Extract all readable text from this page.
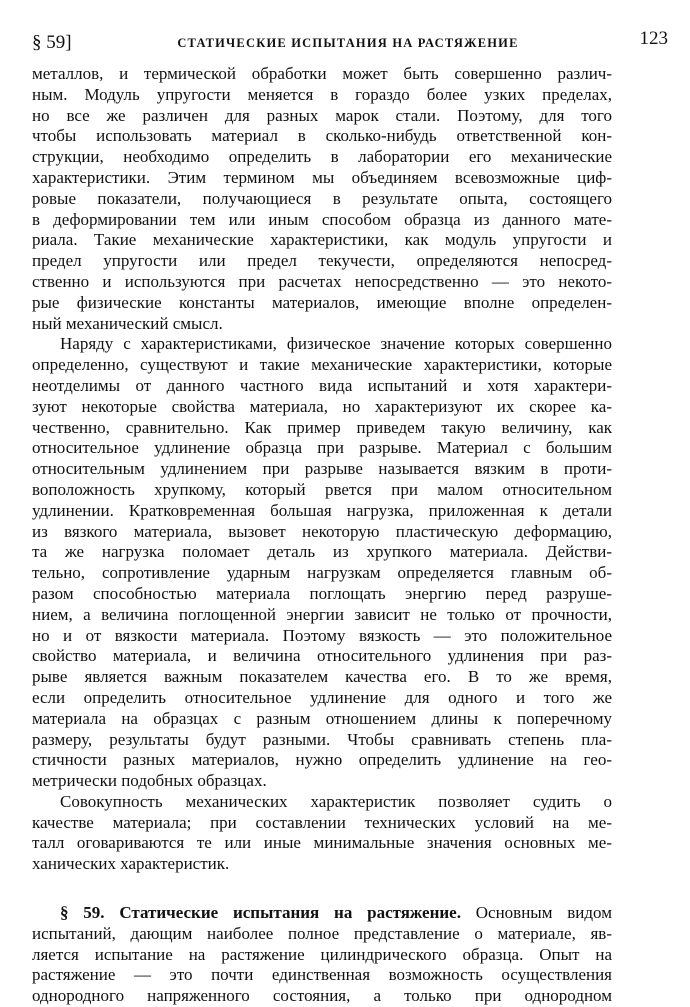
§ 59]	СТАТИЧЕСКИЕ ИСПЫТАНИЯ НА РАСТЯЖЕНИЕ	123
металлов, и термической обработки может быть совершенно различ-
ным. Модуль упругости меняется в гораздо более узких пределах,
но все же различен для разных марок стали. Поэтому, для того
чтобы использовать материал в сколько-нибудь ответственной кон-
струкции, необходимо определить в лаборатории его механические
характеристики. Этим термином мы объединяем всевозможные циф-
ровые показатели, получающиеся в результате опыта, состоящего
в деформировании тем или иным способом образца из данного мате-
риала. Такие механические характеристики, как модуль упругости и
предел упругости или предел текучести, определяются непосред-
ственно и используются при расчетах непосредственно — это некото-
рые физические константы материалов, имеющие вполне определен-
ный механический смысл.
Наряду с характеристиками, физическое значение которых совершенно
определенно, существуют и такие механические характеристики, которые
неотделимы от данного частного вида испытаний и хотя характери-
зуют некоторые свойства материала, но характеризуют их скорее ка-
чественно, сравнительно. Как пример приведем такую величину, как
относительное удлинение образца при разрыве. Материал с большим
относительным удлинением при разрыве называется вязким в проти-
воположность хрупкому, который рвется при малом относительном
удлинении. Кратковременная большая нагрузка, приложенная к детали
из вязкого материала, вызовет некоторую пластическую деформацию,
та же нагрузка поломает деталь из хрупкого материала. Действи-
тельно, сопротивление ударным нагрузкам определяется главным об-
разом способностью материала поглощать энергию перед разруше-
нием, а величина поглощенной энергии зависит не только от прочности,
но и от вязкости материала. Поэтому вязкость — это положительное
свойство материала, и величина относительного удлинения при раз-
рыве является важным показателем качества его. В то же время,
если определить относительное удлинение для одного и того же
материала на образцах с разным отношением длины к поперечному
размеру, результаты будут разными. Чтобы сравнивать степень пла-
стичности разных материалов, нужно определить удлинение на гео-
метрически подобных образцах.
Совокупность механических характеристик позволяет судить о
качестве материала; при составлении технических условий на ме-
талл оговариваются те или иные минимальные значения основных ме-
ханических характеристик.
§ 59. Статические испытания на растяжение. Основным видом
испытаний, дающим наиболее полное представление о материале, яв-
ляется испытание на растяжение цилиндрического образца. Опыт на
растяжение — это почти единственная возможность осуществления
однородного напряженного состояния, а только при однородном
